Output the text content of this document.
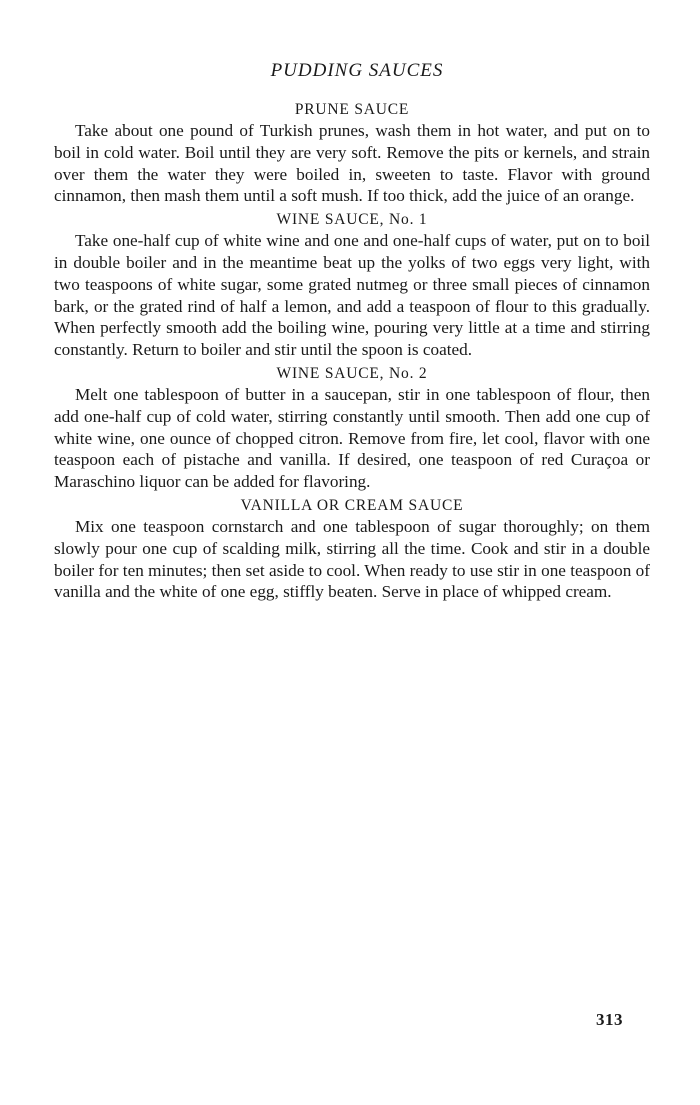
PUDDING SAUCES
PRUNE SAUCE

Take about one pound of Turkish prunes, wash them in hot water, and put on to boil in cold water. Boil until they are very soft. Remove the pits or kernels, and strain over them the water they were boiled in, sweeten to taste. Flavor with ground cinnamon, then mash them until a soft mush. If too thick, add the juice of an orange.

WINE SAUCE, No. 1

Take one-half cup of white wine and one and one-half cups of water, put on to boil in double boiler and in the meantime beat up the yolks of two eggs very light, with two teaspoons of white sugar, some grated nutmeg or three small pieces of cinnamon bark, or the grated rind of half a lemon, and add a teaspoon of flour to this gradually. When perfectly smooth add the boiling wine, pouring very little at a time and stirring constantly. Return to boiler and stir until the spoon is coated.

WINE SAUCE, No. 2

Melt one tablespoon of butter in a saucepan, stir in one tablespoon of flour, then add one-half cup of cold water, stirring constantly until smooth. Then add one cup of white wine, one ounce of chopped citron. Remove from fire, let cool, flavor with one teaspoon each of pistache and vanilla. If desired, one teaspoon of red Curaçoa or Maraschino liquor can be added for flavoring.

VANILLA OR CREAM SAUCE

Mix one teaspoon cornstarch and one tablespoon of sugar thoroughly; on them slowly pour one cup of scalding milk, stirring all the time. Cook and stir in a double boiler for ten minutes; then set aside to cool. When ready to use stir in one teaspoon of vanilla and the white of one egg, stiffly beaten. Serve in place of whipped cream.

313
